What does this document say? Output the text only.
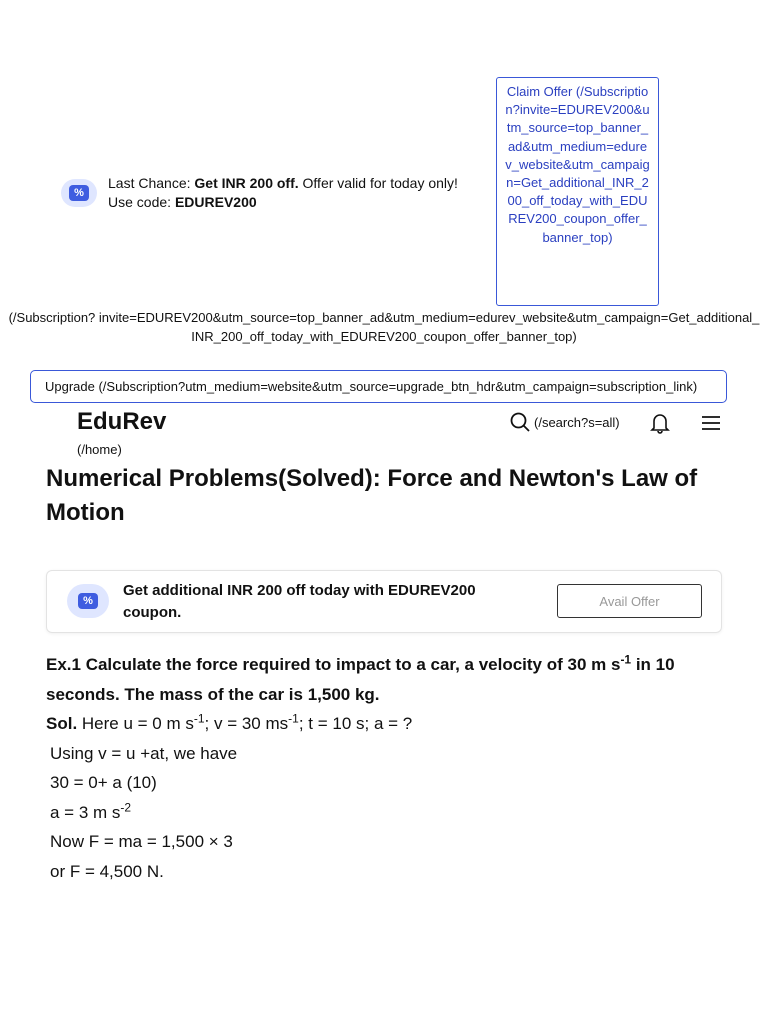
%
Last Chance: Get INR 200 off. Offer valid for today only!
Use code: EDUREV200
Claim Offer (/Subscription?invite=EDUREV200&utm_source=top_banner_ad&utm_medium=edurev_website&utm_campaign=Get_additional_INR_200_off_today_with_EDUREV200_coupon_offer_banner_top)
(/Subscription? invite=EDUREV200&utm_source=top_banner_ad&utm_medium=edurev_website&utm_campaign=Get_additional_ INR_200_off_today_with_EDUREV200_coupon_offer_banner_top)
Upgrade (/Subscription?utm_medium=website&utm_source=upgrade_btn_hdr&utm_campaign=subscription_link)
EduRev	(/search?s=all)
(/home)
Numerical Problems(Solved): Force and Newton's Law of Motion
%
Get additional INR 200 off today with EDUREV200 coupon.
Avail Offer

Ex.1 Calculate the force required to impact to a car, a velocity of 30 m $s^{-1}$ in 10 seconds. The mass of the car is 1,500 kg.

Sol. Here u = 0 m $s^{-1}$; v = 30 $ms^{-1}$; t = 10 s; a = ?

Using v = u +at, we have

30 = 0+ a (10)

a = 3 m $s^{-2}$

Now F = ma = 1,500 × 3

or F = 4,500 N.
